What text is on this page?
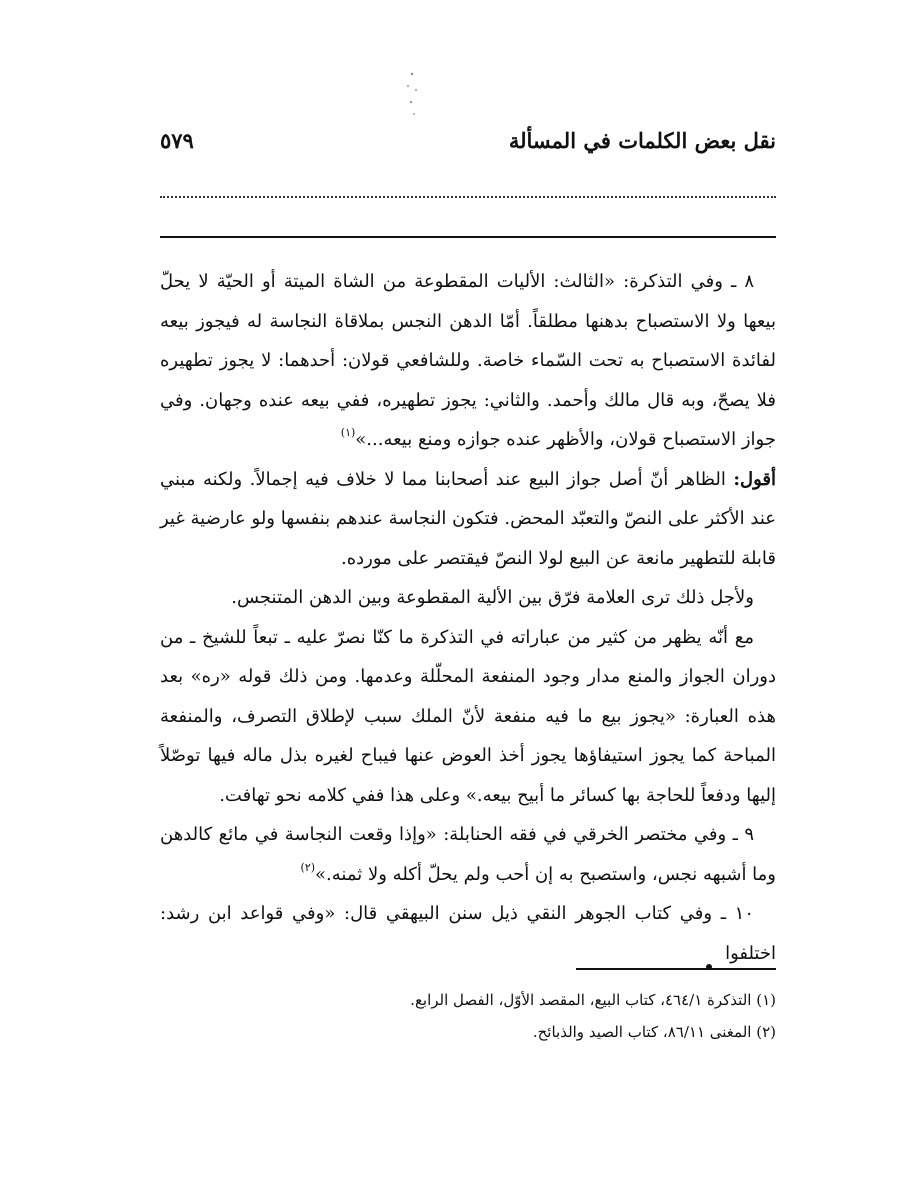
نقل بعض الكلمات في المسألة
٥٧٩

٨ ـ وفي التذكرة: «الثالث: الأليات المقطوعة من الشاة الميتة أو الحيّة لا يحلّ بيعها ولا الاستصباح بدهنها مطلقاً. أمّا الدهن النجس بملاقاة النجاسة له فيجوز بيعه لفائدة الاستصباح به تحت السّماء خاصة. وللشافعي قولان: أحدهما: لا يجوز تطهيره فلا يصحّ، وبه قال مالك وأحمد. والثاني: يجوز تطهيره، ففي بيعه عنده وجهان. وفي جواز الاستصباح قولان، والأظهر عنده جوازه ومنع بيعه...»$^{(١)}$

أقول: الظاهر أنّ أصل جواز البيع عند أصحابنا مما لا خلاف فيه إجمالاً. ولكنه مبني عند الأكثر على النصّ والتعبّد المحض. فتكون النجاسة عندهم بنفسها ولو عارضية غير قابلة للتطهير مانعة عن البيع لولا النصّ فيقتصر على مورده.

ولأجل ذلك ترى العلامة فرّق بين الألية المقطوعة وبين الدهن المتنجس.

مع أنّه يظهر من كثير من عباراته في التذكرة ما كنّا نصرّ عليه ـ تبعاً للشيخ ـ من دوران الجواز والمنع مدار وجود المنفعة المحلّلة وعدمها. ومن ذلك قوله «ره» بعد هذه العبارة: «يجوز بيع ما فيه منفعة لأنّ الملك سبب لإطلاق التصرف، والمنفعة المباحة كما يجوز استيفاؤها يجوز أخذ العوض عنها فيباح لغيره بذل ماله فيها توصّلاً إليها ودفعاً للحاجة بها كسائر ما أبيح بيعه.» وعلى هذا ففي كلامه نحو تهافت.

٩ ـ وفي مختصر الخرقي في فقه الحنابلة: «وإذا وقعت النجاسة في مائع كالدهن وما أشبهه نجس، واستصبح به إن أحب ولم يحلّ أكله ولا ثمنه.»$^{(٢)}$

١٠ ـ وفي كتاب الجوهر النقي ذيل سنن البيهقي قال: «وفي قواعد ابن رشد: اختلفوا

(١) التذكرة ٤٦٤/١، كتاب البيع، المقصد الأوّل، الفصل الرابع.

(٢) المغنى ٨٦/١١، كتاب الصيد والذبائح.
